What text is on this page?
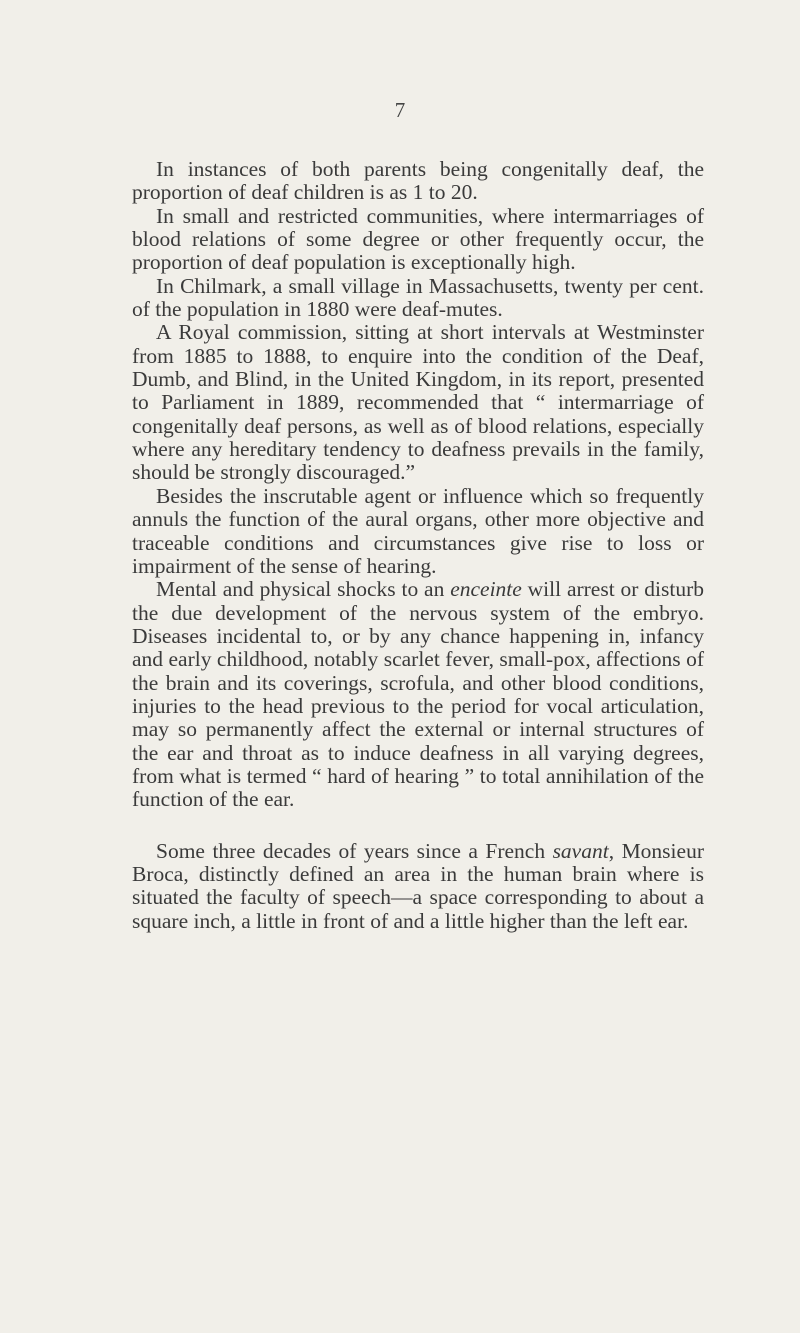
7

In instances of both parents being congenitally deaf, the proportion of deaf children is as 1 to 20.

In small and restricted communities, where intermarriages of blood relations of some degree or other frequently occur, the proportion of deaf population is exceptionally high.

In Chilmark, a small village in Massachusetts, twenty per cent. of the population in 1880 were deaf-mutes.

A Royal commission, sitting at short intervals at Westminster from 1885 to 1888, to enquire into the condition of the Deaf, Dumb, and Blind, in the United Kingdom, in its report, presented to Parliament in 1889, recommended that “ intermarriage of congenitally deaf persons, as well as of blood relations, especially where any hereditary tendency to deafness prevails in the family, should be strongly discouraged.”

Besides the inscrutable agent or influence which so frequently annuls the function of the aural organs, other more objective and traceable conditions and circumstances give rise to loss or impairment of the sense of hearing.

Mental and physical shocks to an enceinte will arrest or disturb the due development of the nervous system of the embryo. Diseases incidental to, or by any chance happening in, infancy and early childhood, notably scarlet fever, small-pox, affections of the brain and its coverings, scrofula, and other blood conditions, injuries to the head previous to the period for vocal articulation, may so permanently affect the external or internal structures of the ear and throat as to induce deafness in all varying degrees, from what is termed “ hard of hearing ” to total annihilation of the function of the ear.

Some three decades of years since a French savant, Monsieur Broca, distinctly defined an area in the human brain where is situated the faculty of speech—a space corresponding to about a square inch, a little in front of and a little higher than the left ear.
